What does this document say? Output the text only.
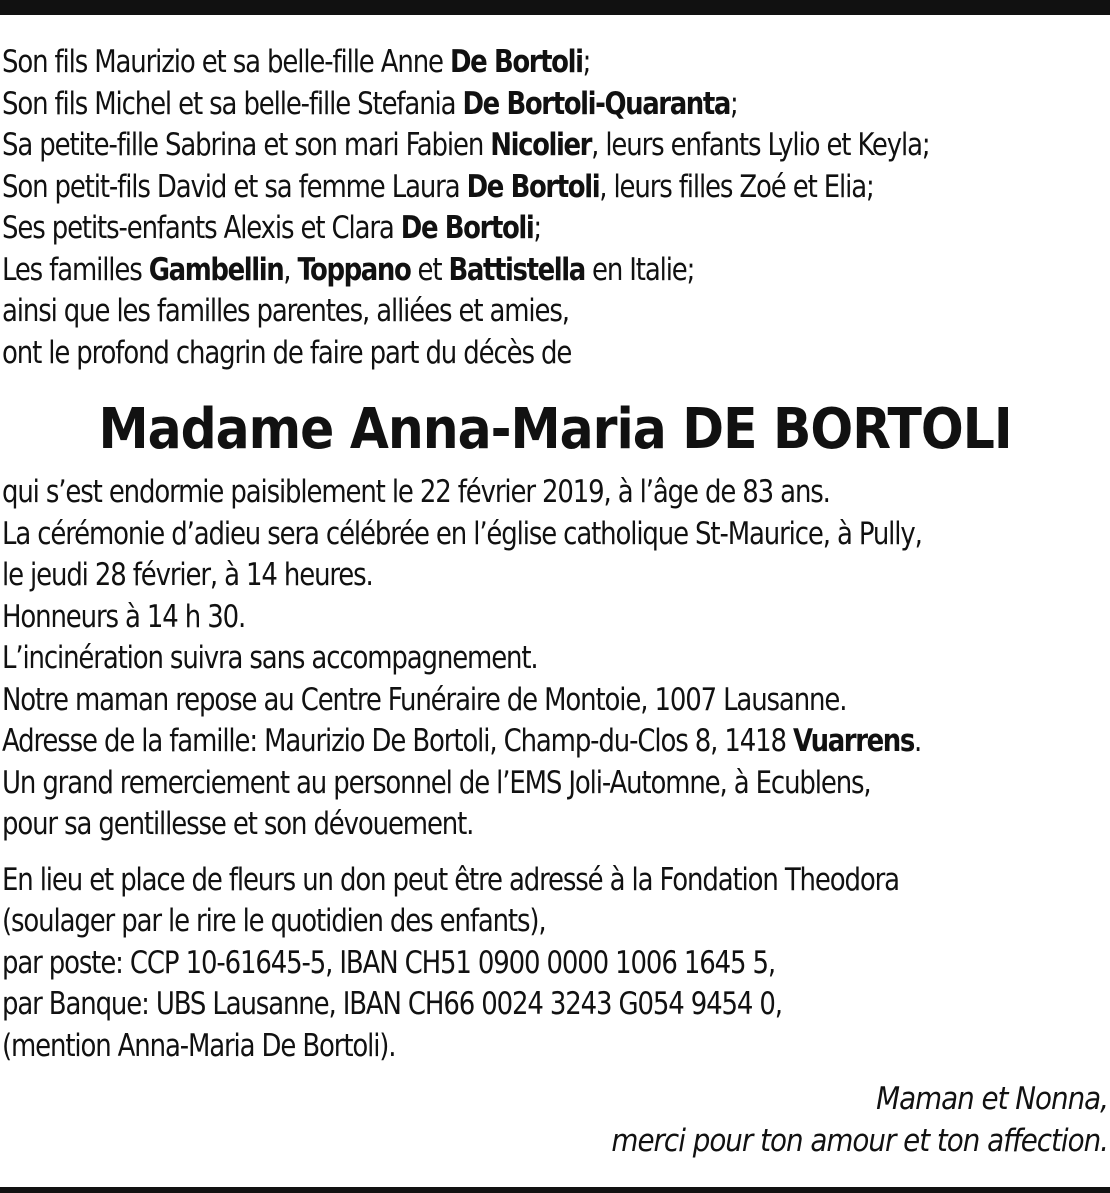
Son fils Maurizio et sa belle-fille Anne De Bortoli;
Son fils Michel et sa belle-fille Stefania De Bortoli-Quaranta;
Sa petite-fille Sabrina et son mari Fabien Nicolier, leurs enfants Lylio et Keyla;
Son petit-fils David et sa femme Laura De Bortoli, leurs filles Zoé et Elia;
Ses petits-enfants Alexis et Clara De Bortoli;
Les familles Gambellin, Toppano et Battistella en Italie;
ainsi que les familles parentes, alliées et amies,
ont le profond chagrin de faire part du décès de
Madame Anna-Maria DE BORTOLI
qui s’est endormie paisiblement le 22 février 2019, à l’âge de 83 ans.
La cérémonie d’adieu sera célébrée en l’église catholique St-Maurice, à Pully,
le jeudi 28 février, à 14 heures.
Honneurs à 14 h 30.
L’incinération suivra sans accompagnement.
Notre maman repose au Centre Funéraire de Montoie, 1007 Lausanne.
Adresse de la famille: Maurizio De Bortoli, Champ-du-Clos 8, 1418 Vuarrens.
Un grand remerciement au personnel de l’EMS Joli-Automne, à Ecublens,
pour sa gentillesse et son dévouement.
En lieu et place de fleurs un don peut être adressé à la Fondation Theodora
(soulager par le rire le quotidien des enfants),
par poste: CCP 10-61645-5, IBAN CH51 0900 0000 1006 1645 5,
par Banque: UBS Lausanne, IBAN CH66 0024 3243 G054 9454 0,
(mention Anna-Maria De Bortoli).
Maman et Nonna,
merci pour ton amour et ton affection.
